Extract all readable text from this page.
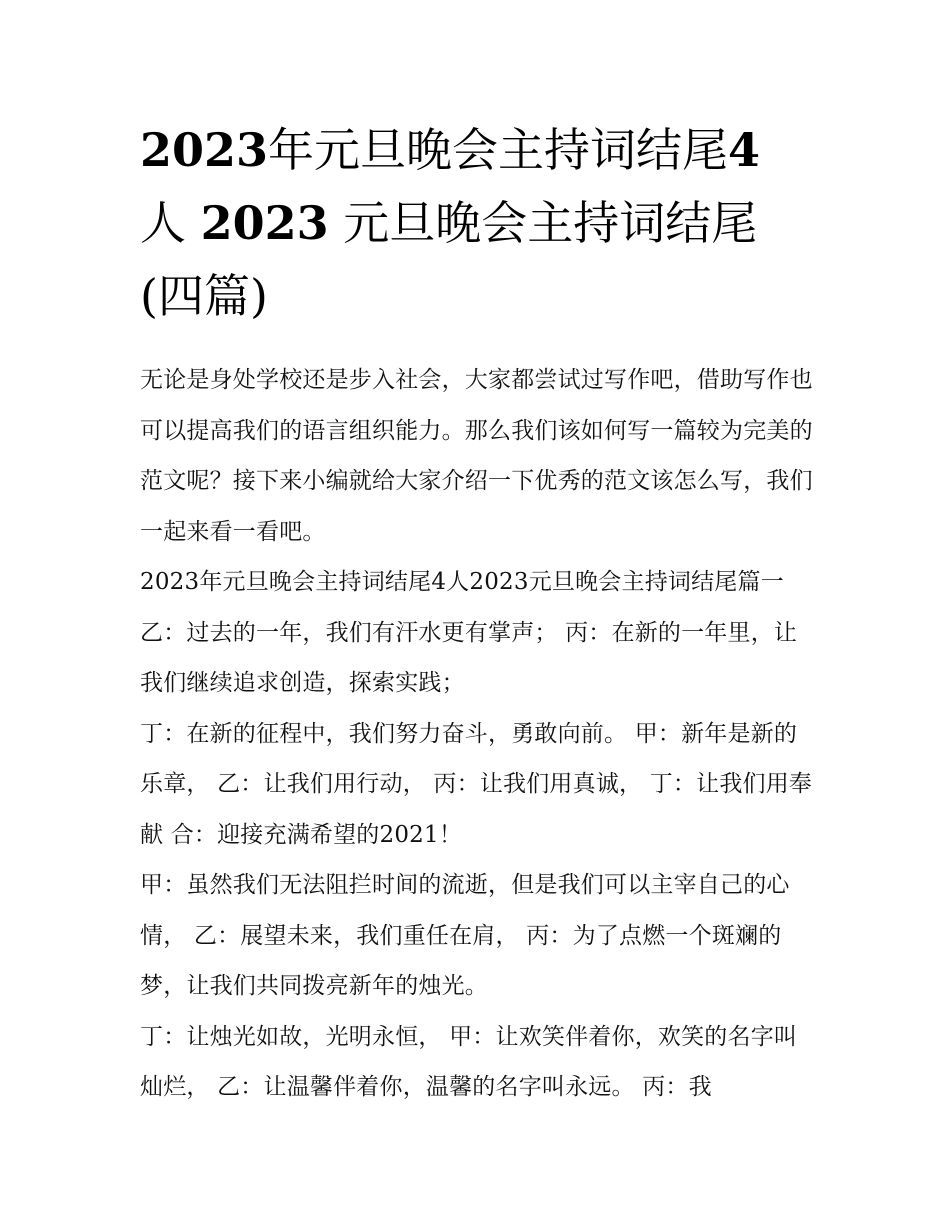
2023年元旦晚会主持词结尾4
人 2023 元旦晚会主持词结尾(四篇)

无论是身处学校还是步入社会，大家都尝试过写作吧，借助写作也可以提高我们的语言组织能力。那么我们该如何写一篇较为完美的范文呢？接下来小编就给大家介绍一下优秀的范文该怎么写，我们一起来看一看吧。

2023年元旦晚会主持词结尾4人2023元旦晚会主持词结尾篇一 乙：过去的一年，我们有汗水更有掌声； 丙：在新的一年里，让我们继续追求创造，探索实践；

丁：在新的征程中，我们努力奋斗，勇敢向前。 甲：新年是新的乐章， 乙：让我们用行动， 丙：让我们用真诚， 丁：让我们用奉献 合：迎接充满希望的2021！

甲：虽然我们无法阻拦时间的流逝，但是我们可以主宰自己的心情， 乙：展望未来，我们重任在肩， 丙：为了点燃一个斑斓的梦，让我们共同拨亮新年的烛光。

丁：让烛光如故，光明永恒， 甲：让欢笑伴着你，欢笑的名字叫灿烂， 乙：让温馨伴着你，温馨的名字叫永远。 丙：我
